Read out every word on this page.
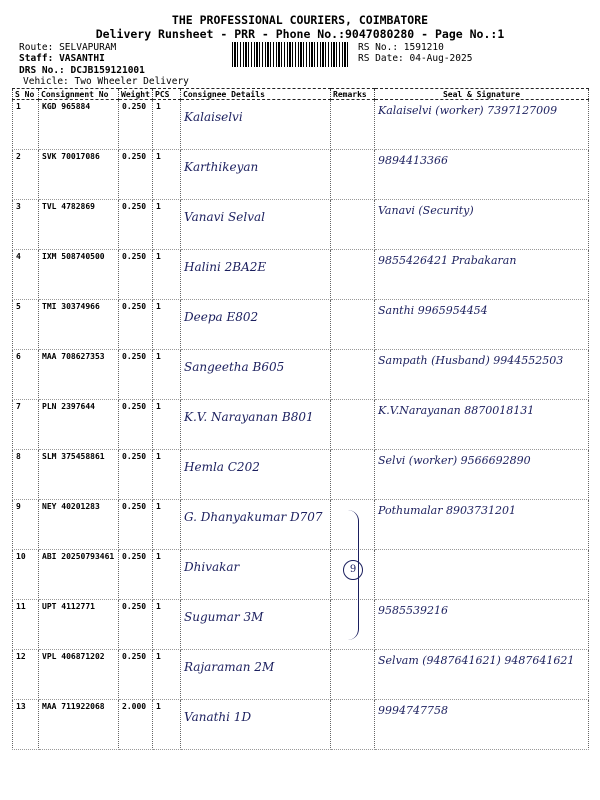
THE PROFESSIONAL COURIERS, COIMBATORE
Delivery Runsheet - PRR - Phone No.:9047080280 - Page No.:1
Route: SELVAPURAM
Staff: VASANTHI
DRS No.: DCJB159121001
Vehicle: Two Wheeler Delivery
RS No.: 1591210
RS Date: 04-Aug-2025
S No	Consignment No	Weight	PCS	Consignee Details	Remarks	Seal & Signature
1	KGD 965884	0.250	1	Kalaiselvi		Kalaiselvi (worker) 7397127009
2	SVK 70017086	0.250	1	Karthikeyan		9894413366
3	TVL 4782869	0.250	1	Vanavi Selval		Vanavi (Security)
4	IXM 508740500	0.250	1	Halini 2BA2E		9855426421 Prabakaran
5	TMI 30374966	0.250	1	Deepa E802		Santhi 9965954454
6	MAA 708627353	0.250	1	Sangeetha B605		Sampath (Husband) 9944552503
7	PLN 2397644	0.250	1	K.V. Narayanan B801		K.V.Narayanan 8870018131
8	SLM 375458861	0.250	1	Hemla C202		Selvi (worker) 9566692890
9	NEY 40201283	0.250	1	G. Dhanyakumar D707		Pothumalar 8903731201
10	ABI 20250793461	0.250	1	Dhivakar		
11	UPT 4112771	0.250	1	Sugumar 3M		9585539216
12	VPL 406871202	0.250	1	Rajaraman 2M		Selvam (9487641621) 9487641621
13	MAA 711922068	2.000	1	Vanathi 1D		9994747758
9
